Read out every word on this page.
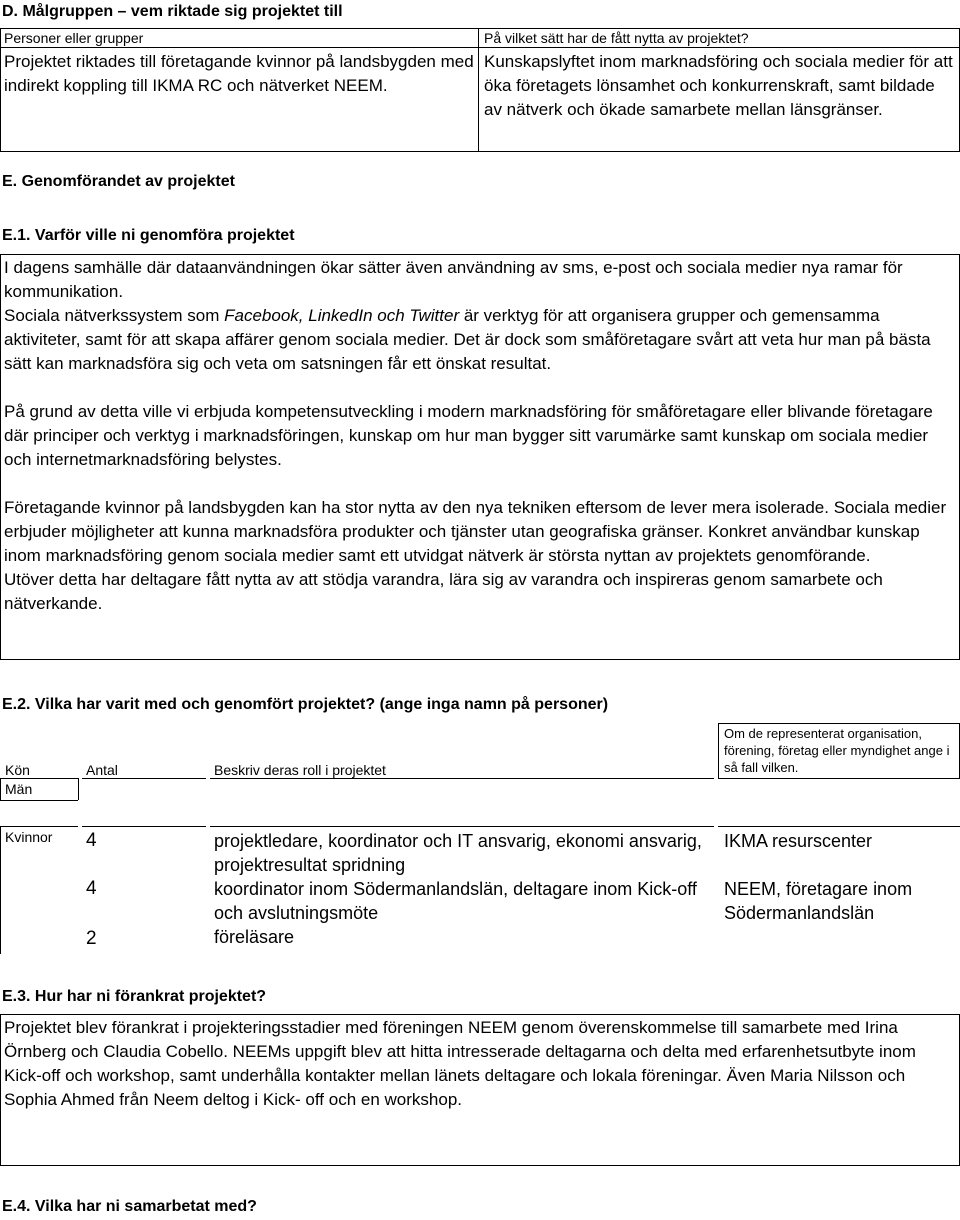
D. Målgruppen – vem riktade sig projektet till
Personer eller grupper
Projektet riktades till företagande kvinnor på landsbygden med indirekt koppling till IKMA RC och nätverket NEEM.
På vilket sätt har de fått nytta av projektet?
Kunskapslyftet inom marknadsföring och sociala medier för att öka företagets lönsamhet och konkurrenskraft, samt bildade av nätverk och ökade samarbete mellan länsgränser.
E. Genomförandet av projektet
E.1. Varför ville ni genomföra projektet

I dagens samhälle där dataanvändningen ökar sätter även användning av sms, e-post och sociala medier nya ramar för kommunikation.

Sociala nätverkssystem som Facebook, LinkedIn och Twitter är verktyg för att organisera grupper och gemensamma aktiviteter, samt för att skapa affärer genom sociala medier. Det är dock som småföretagare svårt att veta hur man på bästa sätt kan marknadsföra sig och veta om satsningen får ett önskat resultat.

På grund av detta ville vi erbjuda kompetensutveckling i modern marknadsföring för småföretagare eller blivande företagare där principer och verktyg i marknadsföringen, kunskap om hur man bygger sitt varumärke samt kunskap om sociala medier och internetmarknadsföring belystes.

Företagande kvinnor på landsbygden kan ha stor nytta av den nya tekniken eftersom de lever mera isolerade. Sociala medier erbjuder möjligheter att kunna marknadsföra produkter och tjänster utan geografiska gränser. Konkret användbar kunskap inom marknadsföring genom sociala medier samt ett utvidgat nätverk är största nyttan av projektets genomförande.

Utöver detta har deltagare fått nytta av att stödja varandra, lära sig av varandra och inspireras genom samarbete och nätverkande.

E.2. Vilka har varit med och genomfört projektet? (ange inga namn på personer)
Kön	Antal	Beskriv deras roll i projektet
Om de representerat organisation, förening, företag eller myndighet ange i så fall vilken.
Män
Kvinnor 4
4
2
projektledare, koordinator och IT ansvarig, ekonomi ansvarig, projektresultat spridning
koordinator inom Södermanlandslän, deltagare inom Kick-off och avslutningsmöte
föreläsare
IKMA resurscenter
NEEM, företagare inom Södermanlandslän
E.3. Hur har ni förankrat projektet?
Projektet blev förankrat i projekteringsstadier med föreningen NEEM genom överenskommelse till samarbete med Irina Örnberg och Claudia Cobello. NEEMs uppgift blev att hitta intresserade deltagarna och delta med erfarenhetsutbyte inom Kick-off och workshop, samt underhålla kontakter mellan länets deltagare och lokala föreningar. Även Maria Nilsson och Sophia Ahmed från Neem deltog i Kick- off och en workshop.
E.4. Vilka har ni samarbetat med?
